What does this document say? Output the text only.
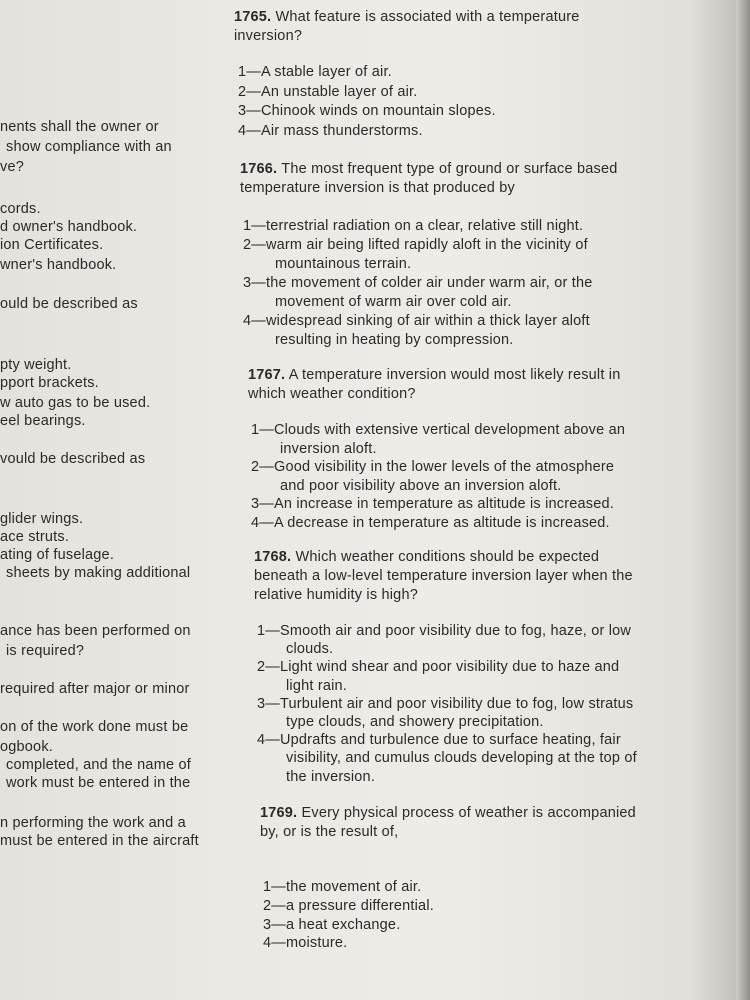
nents shall the owner or
show compliance with an
ve?
cords.
d owner's handbook.
ion Certificates.
wner's handbook.
ould be described as
pty weight.
pport brackets.
w auto gas to be used.
eel bearings.
vould be described as
glider wings.
ace struts.
ating of fuselage.
sheets by making additional
ance has been performed on
is required?
required after major or minor
on of the work done must be
ogbook.
completed, and the name of
work must be entered in the
n performing the work and a
must be entered in the aircraft
1765. What feature is associated with a temperature
inversion?
1—A stable layer of air.
2—An unstable layer of air.
3—Chinook winds on mountain slopes.
4—Air mass thunderstorms.
1766. The most frequent type of ground or surface based
temperature inversion is that produced by
1—terrestrial radiation on a clear, relative still night.
2—warm air being lifted rapidly aloft in the vicinity of
mountainous terrain.
3—the movement of colder air under warm air, or the
movement of warm air over cold air.
4—widespread sinking of air within a thick layer aloft
resulting in heating by compression.
1767. A temperature inversion would most likely result in
which weather condition?
1—Clouds with extensive vertical development above an
inversion aloft.
2—Good visibility in the lower levels of the atmosphere
and poor visibility above an inversion aloft.
3—An increase in temperature as altitude is increased.
4—A decrease in temperature as altitude is increased.
1768. Which weather conditions should be expected
beneath a low-level temperature inversion layer when the
relative humidity is high?
1—Smooth air and poor visibility due to fog, haze, or low
clouds.
2—Light wind shear and poor visibility due to haze and
light rain.
3—Turbulent air and poor visibility due to fog, low stratus
type clouds, and showery precipitation.
4—Updrafts and turbulence due to surface heating, fair
visibility, and cumulus clouds developing at the top of
the inversion.
1769. Every physical process of weather is accompanied
by, or is the result of,
1—the movement of air.
2—a pressure differential.
3—a heat exchange.
4—moisture.
